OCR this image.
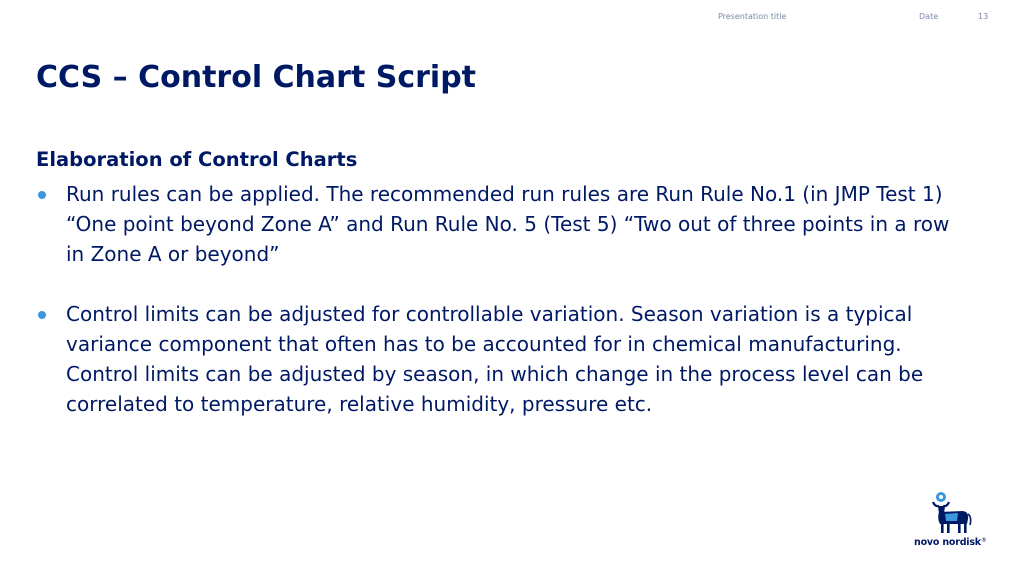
Presentation title	Date	13
CCS – Control Chart Script
Elaboration of Control Charts
Run rules can be applied. The recommended run rules are Run Rule No.1 (in JMP Test 1) “One point beyond Zone A” and Run Rule No. 5 (Test 5) “Two out of three points in a row in Zone A or beyond”
Control limits can be adjusted for controllable variation. Season variation is a typical variance component that often has to be accounted for in chemical manufacturing. Control limits can be adjusted by season, in which change in the process level can be correlated to temperature, relative humidity, pressure etc.
novo nordisk®
